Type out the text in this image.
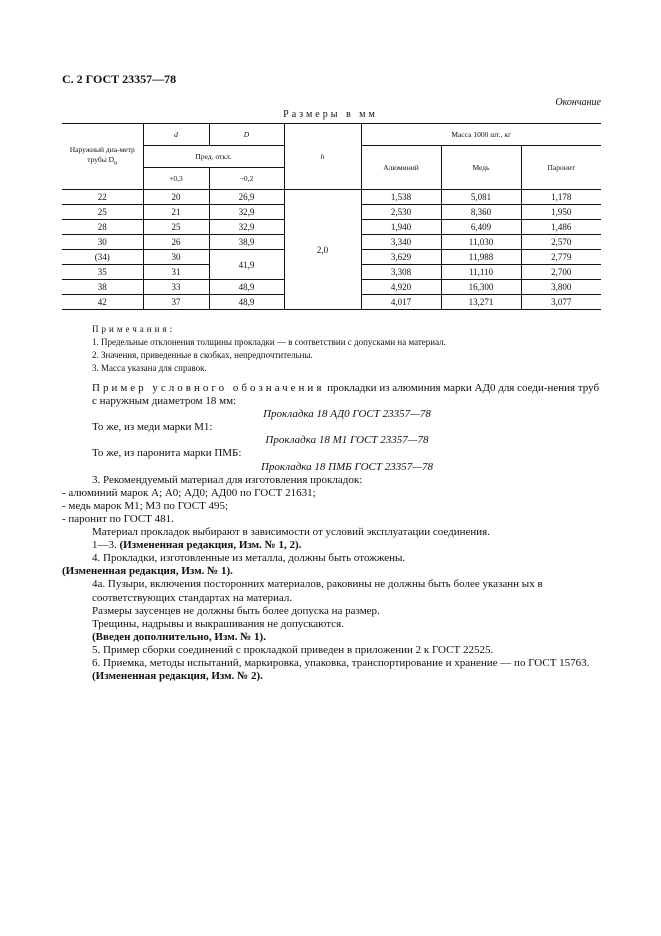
С. 2 ГОСТ 23357—78
Окончание
Размеры в мм
Наружный диа-метр трубы $D_н$	d	D	h	Масса 1000 шт., кг		
	Пред. откл.			Алюминий	Медь	Паронит
	+0,3	−0,2				
22	20	26,9	2,0	1,538	5,081	1,178
25	21	32,9		2,530	8,360	1,950
28	25	32,9		1,940	6,409	1,486
30	26	38,9		3,340	11,030	2,570
(34)	30	41,9		3,629	11,988	2,779
35	31			3,308	11,110	2,700
38	33	48,9		4,920	16,300	3,800
42	37	48,9		4,017	13,271	3,077
Примечания:
1. Предельные отклонения толщины прокладки — в соответствии с допусками на материал.
2. Значения, приведенные в скобках, непредпочтительны.
3. Масса указана для справок.

Пример условного обозначения прокладки из алюминия марки АД0 для соеди-нения труб с наружным диаметром 18 мм:

Прокладка 18 АД0 ГОСТ 23357—78

То же, из меди марки М1:

Прокладка 18 М1 ГОСТ 23357—78

То же, из паронита марки ПМБ:

Прокладка 18 ПМБ ГОСТ 23357—78

3. Рекомендуемый материал для изготовления прокладок:

- алюминий марок А; А0; АД0; АД00 по ГОСТ 21631;

- медь марок М1; М3 по ГОСТ 495;

- паронит по ГОСТ 481.

Материал прокладок выбирают в зависимости от условий эксплуатации соединения.

1—3. (Измененная редакция, Изм. № 1, 2).

4. Прокладки, изготовленные из металла, должны быть отожжены.

(Измененная редакция, Изм. № 1).

4а. Пузыри, включения посторонних материалов, раковины не должны быть более указанн ых в соответствующих стандартах на материал.

Размеры заусенцев не должны быть более допуска на размер.

Трещины, надрывы и выкрашивания не допускаются.

(Введен дополнительно, Изм. № 1).

5. Пример сборки соединений с прокладкой приведен в приложении 2 к ГОСТ 22525.

6. Приемка, методы испытаний, маркировка, упаковка, транспортирование и хранение — по ГОСТ 15763.

(Измененная редакция, Изм. № 2).
